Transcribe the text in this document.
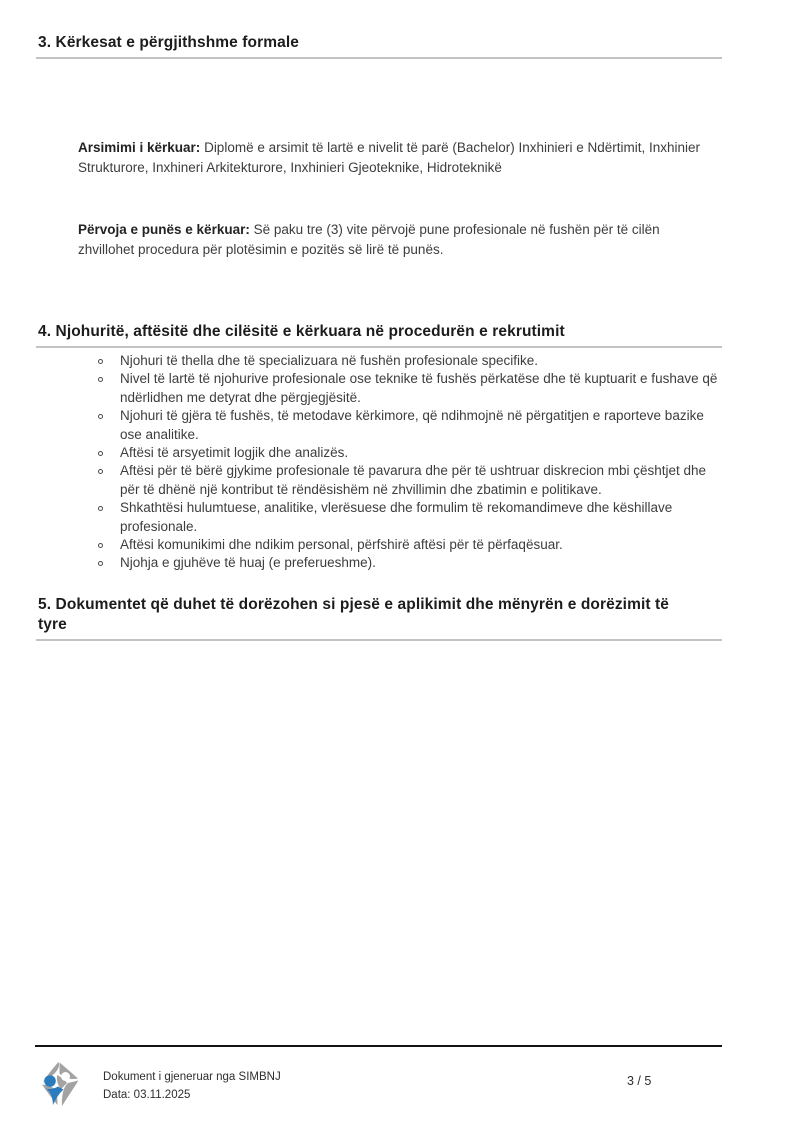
3. Kërkesat e përgjithshme formale

Arsimimi i kërkuar: Diplomë e arsimit të lartë e nivelit të parë (Bachelor) Inxhinieri e Ndërtimit, Inxhinier Strukturore, Inxhineri Arkitekturore, Inxhinieri Gjeoteknike, Hidroteknikë

Përvoja e punës e kërkuar: Së paku tre (3) vite përvojë pune profesionale në fushën për të cilën zhvillohet procedura për plotësimin e pozitës së lirë të punës.

4. Njohuritë, aftësitë dhe cilësitë e kërkuara në procedurën e rekrutimit
Njohuri të thella dhe të specializuara në fushën profesionale specifike.
Nivel të lartë të njohurive profesionale ose teknike të fushës përkatëse dhe të kuptuarit e fushave që ndërlidhen me detyrat dhe përgjegjësitë.
Njohuri të gjëra të fushës, të metodave kërkimore, që ndihmojnë në përgatitjen e raporteve bazike ose analitike.
Aftësi të arsyetimit logjik dhe analizës.
Aftësi për të bërë gjykime profesionale të pavarura dhe për të ushtruar diskrecion mbi çështjet dhe për të dhënë një kontribut të rëndësishëm në zhvillimin dhe zbatimin e politikave.
Shkathtësi hulumtuese, analitike, vlerësuese dhe formulim të rekomandimeve dhe këshillave profesionale.
Aftësi komunikimi dhe ndikim personal, përfshirë aftësi për të përfaqësuar.
Njohja e gjuhëve të huaj (e preferueshme).
5. Dokumentet që duhet të dorëzohen si pjesë e aplikimit dhe mënyrën e dorëzimit të tyre
Dokument i gjeneruar nga SIMBNJ
Data: 03.11.2025
3 / 5
